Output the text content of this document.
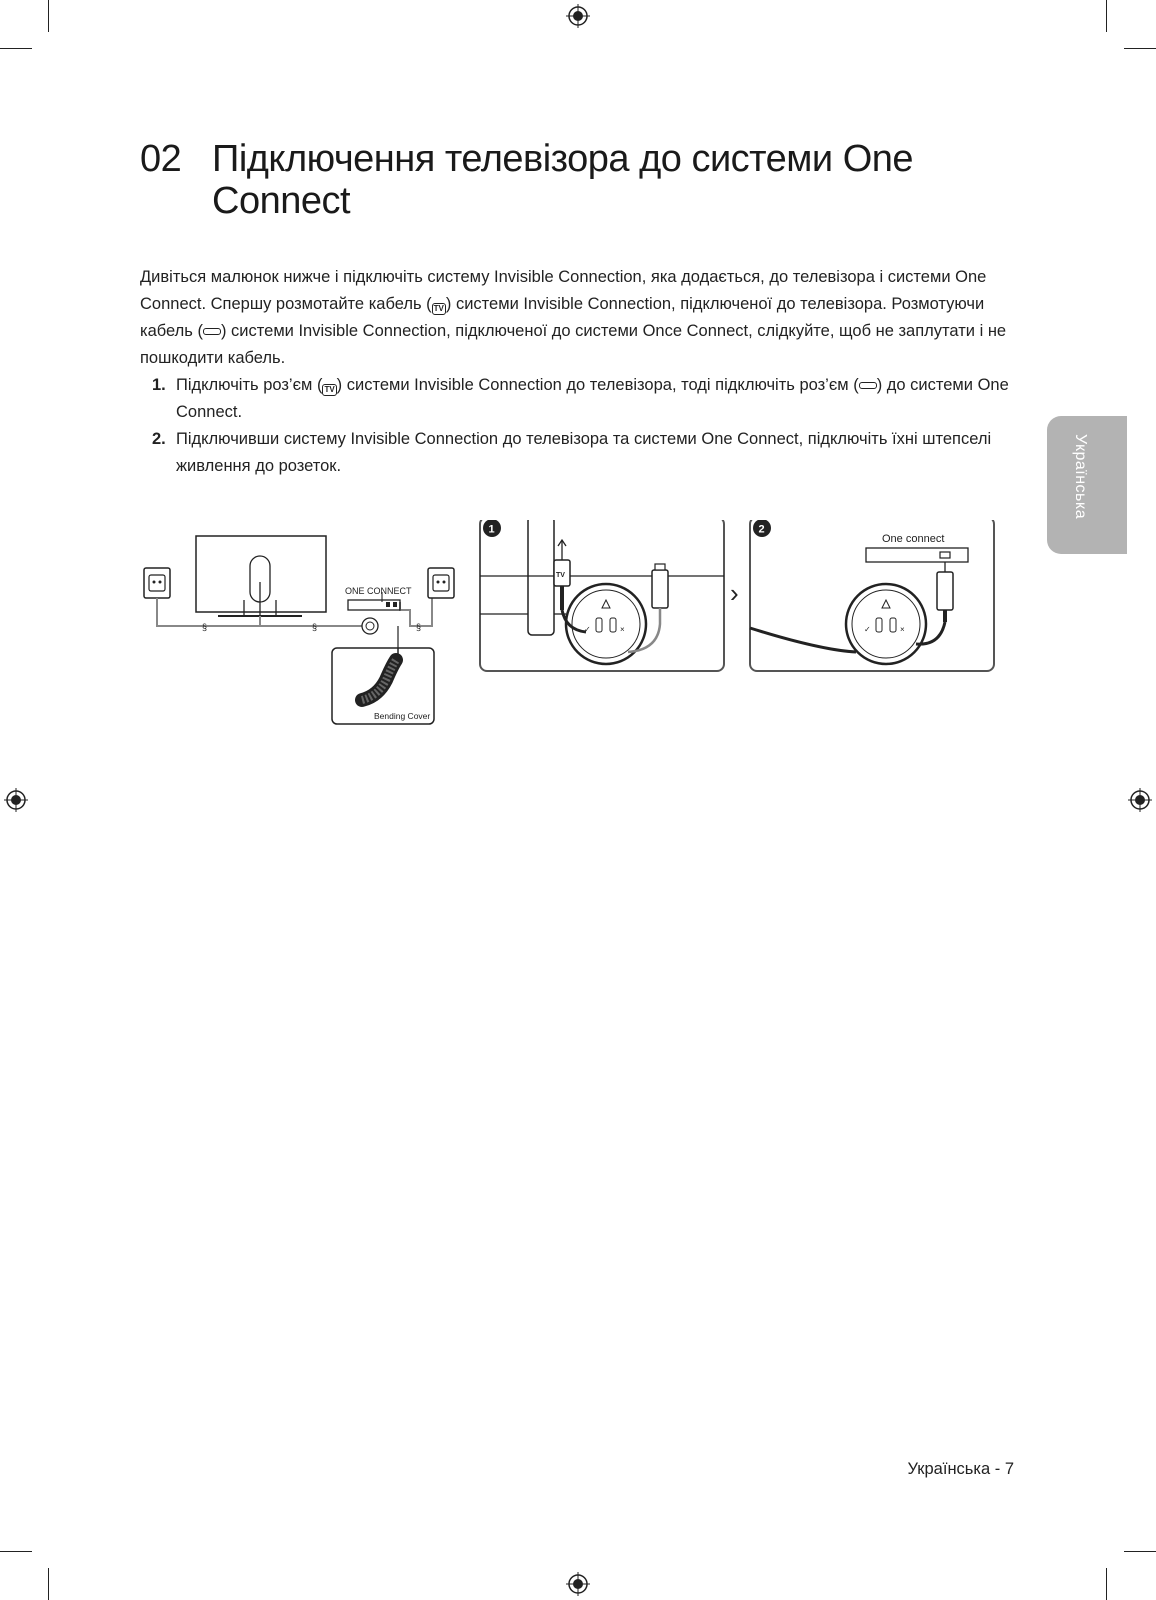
02 Підключення телевізора до системи One Connect

Дивіться малюнок нижче і підключіть систему Invisible Connection, яка додається, до телевізора і системи One Connect. Спершу розмотайте кабель ( TV ) системи Invisible Connection, підключеної до телевізора. Розмотуючи кабель ( ) системи Invisible Connection, підключеної до системи Once Connect, слідкуйте, щоб не заплутати і не пошкодити кабель.

1. Підключіть роз’єм ( TV ) системи Invisible Connection до телевізора, тоді підключіть роз’єм ( ) до системи One Connect.
2. Підключивши систему Invisible Connection до телевізора та системи One Connect, підключіть їхні штепселі живлення до розеток.	Українська
§	§	§
ONE CONNECT
Bending Cover
1
✓	×
TV
›
2
One connect
✓	×
Українська - 7
